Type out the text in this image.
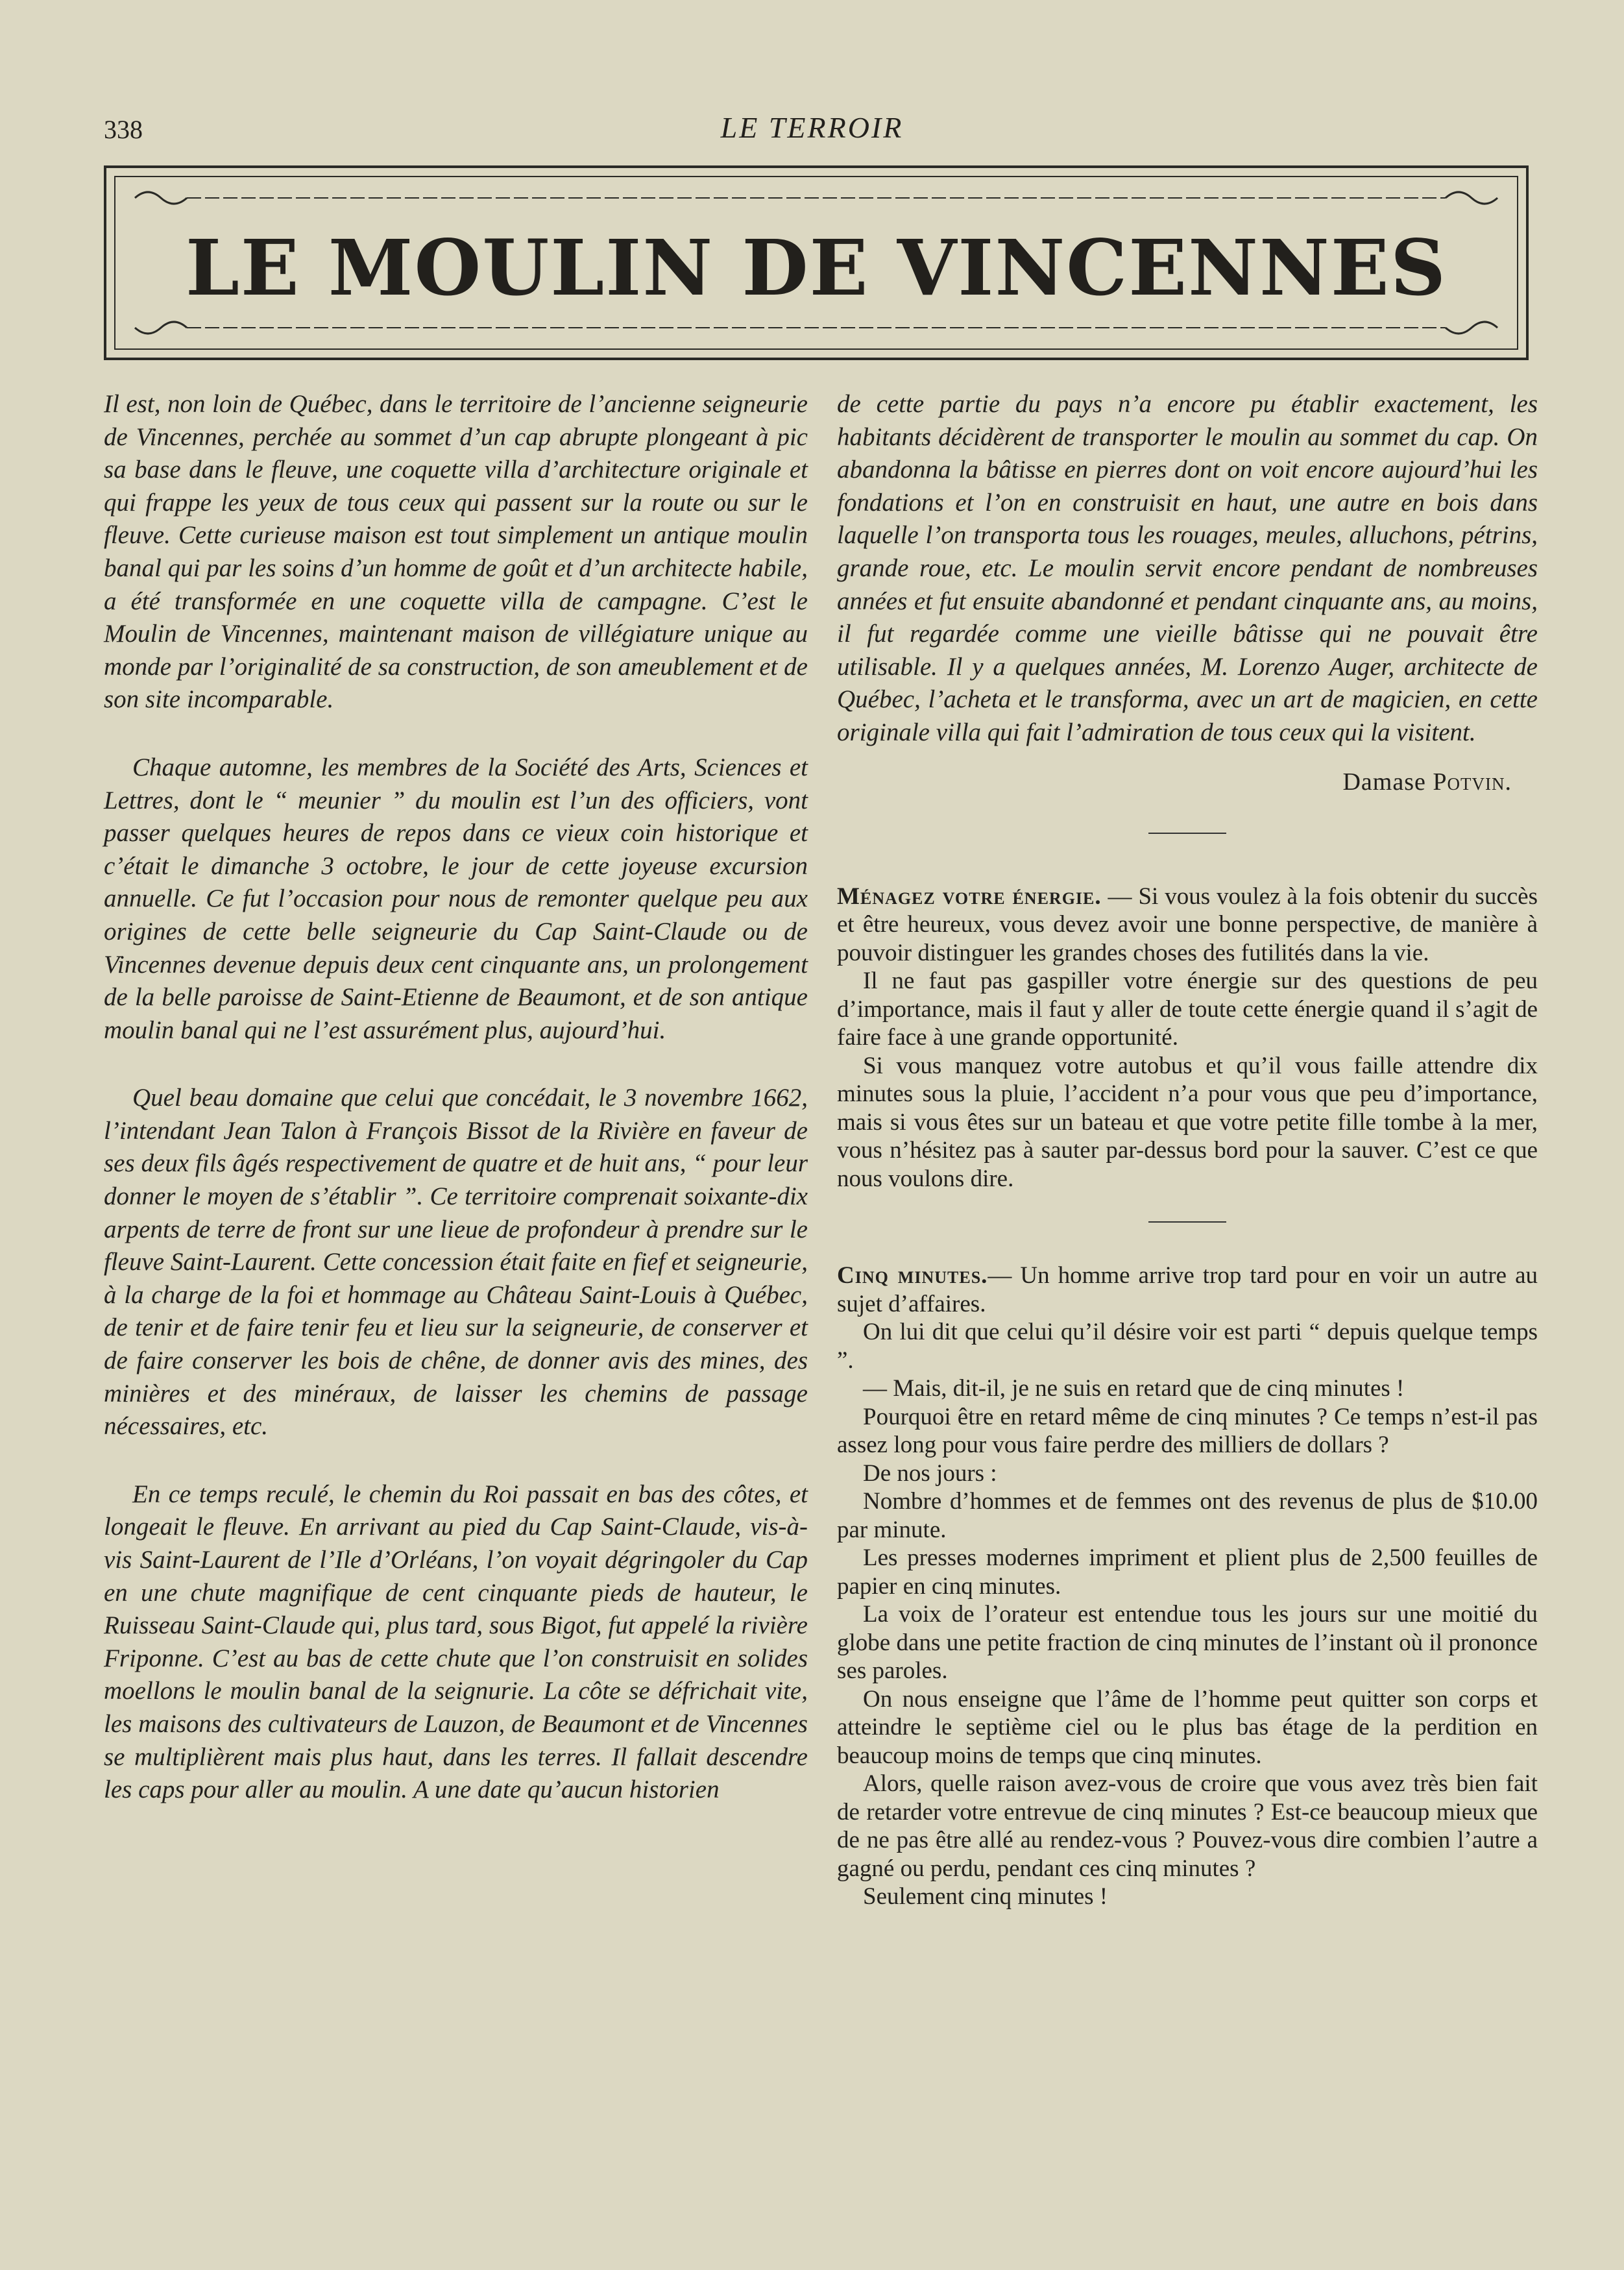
338	LE TERROIR
LE MOULIN DE VINCENNES

Il est, non loin de Québec, dans le territoire de l’ancienne seigneurie de Vincennes, perchée au sommet d’un cap abrupte plongeant à pic sa base dans le fleuve, une coquette villa d’architecture originale et qui frappe les yeux de tous ceux qui passent sur la route ou sur le fleuve. Cette curieuse maison est tout simplement un antique moulin banal qui par les soins d’un homme de goût et d’un architecte habile, a été transformée en une coquette villa de campagne. C’est le Moulin de Vincennes, maintenant maison de villégiature unique au monde par l’originalité de sa construction, de son ameublement et de son site incomparable.

Chaque automne, les membres de la Société des Arts, Sciences et Lettres, dont le “ meunier ” du moulin est l’un des officiers, vont passer quelques heures de repos dans ce vieux coin historique et c’était le dimanche 3 octobre, le jour de cette joyeuse excursion annuelle. Ce fut l’occasion pour nous de remonter quelque peu aux origines de cette belle seigneurie du Cap Saint-Claude ou de Vincennes devenue depuis deux cent cinquante ans, un prolongement de la belle paroisse de Saint-Etienne de Beaumont, et de son antique moulin banal qui ne l’est assurément plus, aujourd’hui.

Quel beau domaine que celui que concédait, le 3 novembre 1662, l’intendant Jean Talon à François Bissot de la Rivière en faveur de ses deux fils âgés respectivement de quatre et de huit ans, “ pour leur donner le moyen de s’établir ”. Ce territoire comprenait soixante-dix arpents de terre de front sur une lieue de profondeur à prendre sur le fleuve Saint-Laurent. Cette concession était faite en fief et seigneurie, à la charge de la foi et hommage au Château Saint-Louis à Québec, de tenir et de faire tenir feu et lieu sur la seigneurie, de conserver et de faire conserver les bois de chêne, de donner avis des mines, des minières et des minéraux, de laisser les chemins de passage nécessaires, etc.

En ce temps reculé, le chemin du Roi passait en bas des côtes, et longeait le fleuve. En arrivant au pied du Cap Saint-Claude, vis-à-vis Saint-Laurent de l’Ile d’Orléans, l’on voyait dégringoler du Cap en une chute magnifique de cent cinquante pieds de hauteur, le Ruisseau Saint-Claude qui, plus tard, sous Bigot, fut appelé la rivière Friponne. C’est au bas de cette chute que l’on construisit en solides moellons le moulin banal de la seignurie. La côte se défrichait vite, les maisons des cultivateurs de Lauzon, de Beaumont et de Vincennes se multiplièrent mais plus haut, dans les terres. Il fallait descendre les caps pour aller au moulin. A une date qu’aucun historien

de cette partie du pays n’a encore pu établir exactement, les habitants décidèrent de transporter le moulin au sommet du cap. On abandonna la bâtisse en pierres dont on voit encore aujourd’hui les fondations et l’on en construisit en haut, une autre en bois dans laquelle l’on transporta tous les rouages, meules, alluchons, pétrins, grande roue, etc. Le moulin servit encore pendant de nombreuses années et fut ensuite abandonné et pendant cinquante ans, au moins, il fut regardée comme une vieille bâtisse qui ne pouvait être utilisable. Il y a quelques années, M. Lorenzo Auger, architecte de Québec, l’acheta et le transforma, avec un art de magicien, en cette originale villa qui fait l’admiration de tous ceux qui la visitent.

Damase Potvin.

Ménagez votre énergie. — Si vous voulez à la fois obtenir du succès et être heureux, vous devez avoir une bonne perspective, de manière à pouvoir distinguer les grandes choses des futilités dans la vie.

Il ne faut pas gaspiller votre énergie sur des questions de peu d’importance, mais il faut y aller de toute cette énergie quand il s’agit de faire face à une grande opportunité.

Si vous manquez votre autobus et qu’il vous faille attendre dix minutes sous la pluie, l’accident n’a pour vous que peu d’importance, mais si vous êtes sur un bateau et que votre petite fille tombe à la mer, vous n’hésitez pas à sauter par-dessus bord pour la sauver. C’est ce que nous voulons dire.

Cinq minutes.— Un homme arrive trop tard pour en voir un autre au sujet d’affaires.

On lui dit que celui qu’il désire voir est parti “ depuis quelque temps ”.

— Mais, dit-il, je ne suis en retard que de cinq minutes !

Pourquoi être en retard même de cinq minutes ? Ce temps n’est-il pas assez long pour vous faire perdre des milliers de dollars ?

De nos jours :

Nombre d’hommes et de femmes ont des revenus de plus de $10.00 par minute.

Les presses modernes impriment et plient plus de 2,500 feuilles de papier en cinq minutes.

La voix de l’orateur est entendue tous les jours sur une moitié du globe dans une petite fraction de cinq minutes de l’instant où il prononce ses paroles.

On nous enseigne que l’âme de l’homme peut quitter son corps et atteindre le septième ciel ou le plus bas étage de la perdition en beaucoup moins de temps que cinq minutes.

Alors, quelle raison avez-vous de croire que vous avez très bien fait de retarder votre entrevue de cinq minutes ? Est-ce beaucoup mieux que de ne pas être allé au rendez-vous ? Pouvez-vous dire combien l’autre a gagné ou perdu, pendant ces cinq minutes ?

Seulement cinq minutes !
